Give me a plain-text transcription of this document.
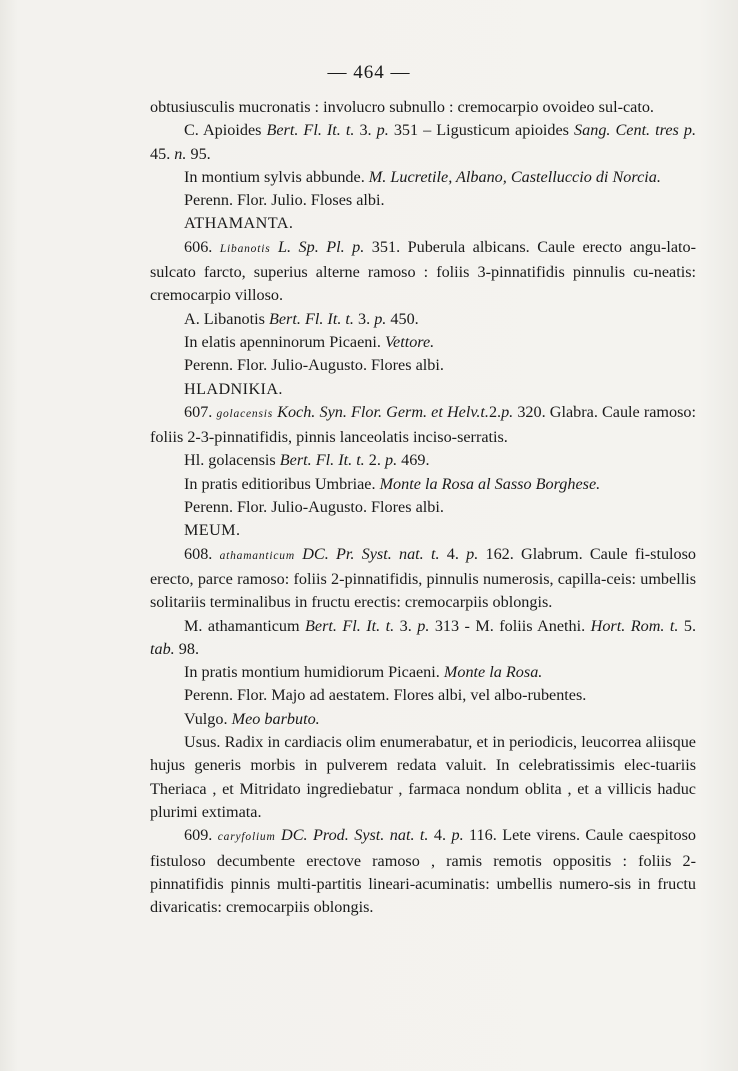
— 464 —

obtusiusculis mucronatis : involucro subnullo : cremocarpio ovoideo sul-cato.

C. Apioides Bert. Fl. It. t. 3. p. 351 – Ligusticum apioides Sang. Cent. tres p. 45. n. 95.

In montium sylvis abbunde. M. Lucretile, Albano, Castelluccio di Norcia.

Perenn. Flor. Julio. Floses albi.

ATHAMANTA.

606. Libanotis L. Sp. Pl. p. 351. Puberula albicans. Caule erecto angu-lato-sulcato farcto, superius alterne ramoso : foliis 3-pinnatifidis pinnulis cu-neatis: cremocarpio villoso.

A. Libanotis Bert. Fl. It. t. 3. p. 450.

In elatis apenninorum Picaeni. Vettore.

Perenn. Flor. Julio-Augusto. Flores albi.

HLADNIKIA.

607. golacensis Koch. Syn. Flor. Germ. et Helv.t.2.p. 320. Glabra. Caule ramoso: foliis 2-3-pinnatifidis, pinnis lanceolatis inciso-serratis.

Hl. golacensis Bert. Fl. It. t. 2. p. 469.

In pratis editioribus Umbriae. Monte la Rosa al Sasso Borghese.

Perenn. Flor. Julio-Augusto. Flores albi.

MEUM.

608. athamanticum DC. Pr. Syst. nat. t. 4. p. 162. Glabrum. Caule fi-stuloso erecto, parce ramoso: foliis 2-pinnatifidis, pinnulis numerosis, capilla-ceis: umbellis solitariis terminalibus in fructu erectis: cremocarpiis oblongis.

M. athamanticum Bert. Fl. It. t. 3. p. 313 - M. foliis Anethi. Hort. Rom. t. 5. tab. 98.

In pratis montium humidiorum Picaeni. Monte la Rosa.

Perenn. Flor. Majo ad aestatem. Flores albi, vel albo-rubentes.

Vulgo. Meo barbuto.

Usus. Radix in cardiacis olim enumerabatur, et in periodicis, leucorrea aliisque hujus generis morbis in pulverem redata valuit. In celebratissimis elec-tuariis Theriaca , et Mitridato ingrediebatur , farmaca nondum oblita , et a villicis haduc plurimi extimata.

609. caryfolium DC. Prod. Syst. nat. t. 4. p. 116. Lete virens. Caule caespitoso fistuloso decumbente erectove ramoso , ramis remotis oppositis : foliis 2-pinnatifidis pinnis multi-partitis lineari-acuminatis: umbellis numero-sis in fructu divaricatis: cremocarpiis oblongis.
